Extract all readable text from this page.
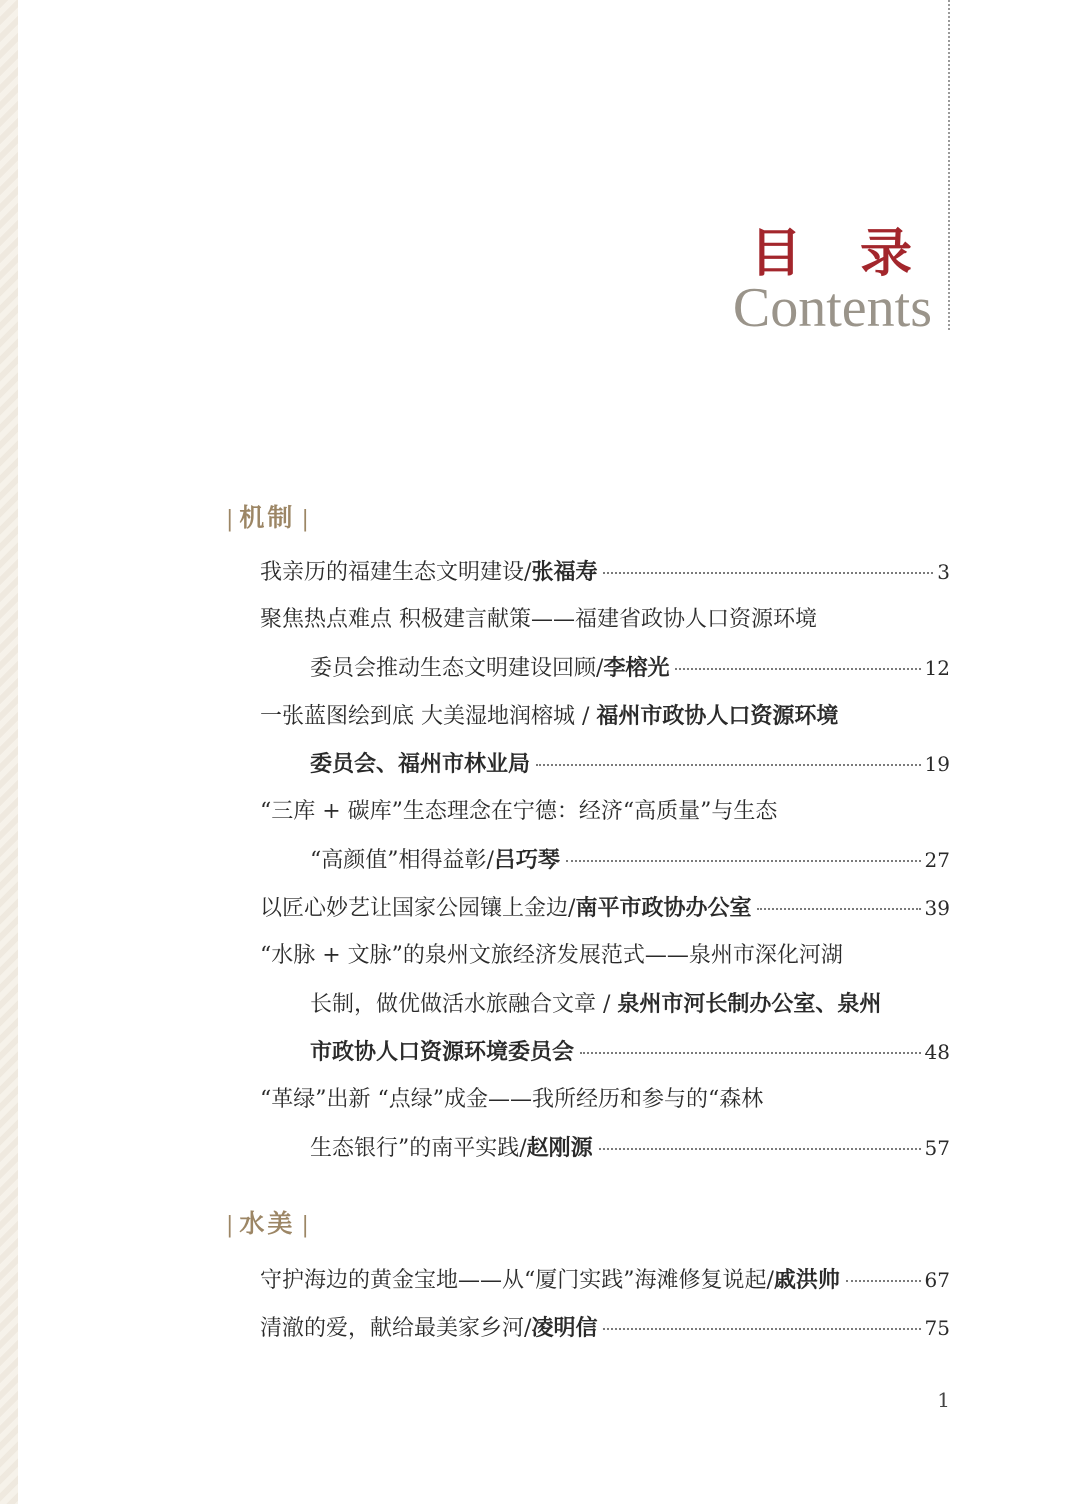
目 录
Contents
| 机制 |
我亲历的福建生态文明建设 / 张福寿	3
聚焦热点难点 积极建言献策——福建省政协人口资源环境
委员会推动生态文明建设回顾 / 李榕光	12
一张蓝图绘到底 大美湿地润榕城 / 福州市政协人口资源环境
委员会、福州市林业局	19
“三库 + 碳库”生态理念在宁德：经济“高质量”与生态
“高颜值”相得益彰 / 吕巧琴	27
以匠心妙艺让国家公园镶上金边 / 南平市政协办公室	39
“水脉 + 文脉”的泉州文旅经济发展范式——泉州市深化河湖
长制，做优做活水旅融合文章 / 泉州市河长制办公室、泉州
市政协人口资源环境委员会	48
“革绿”出新 “点绿”成金——我所经历和参与的“森林
生态银行”的南平实践 / 赵刚源	57
| 水美 |
守护海边的黄金宝地——从“厦门实践”海滩修复说起 / 戚洪帅	67
清澈的爱，献给最美家乡河 / 凌明信	75
1
